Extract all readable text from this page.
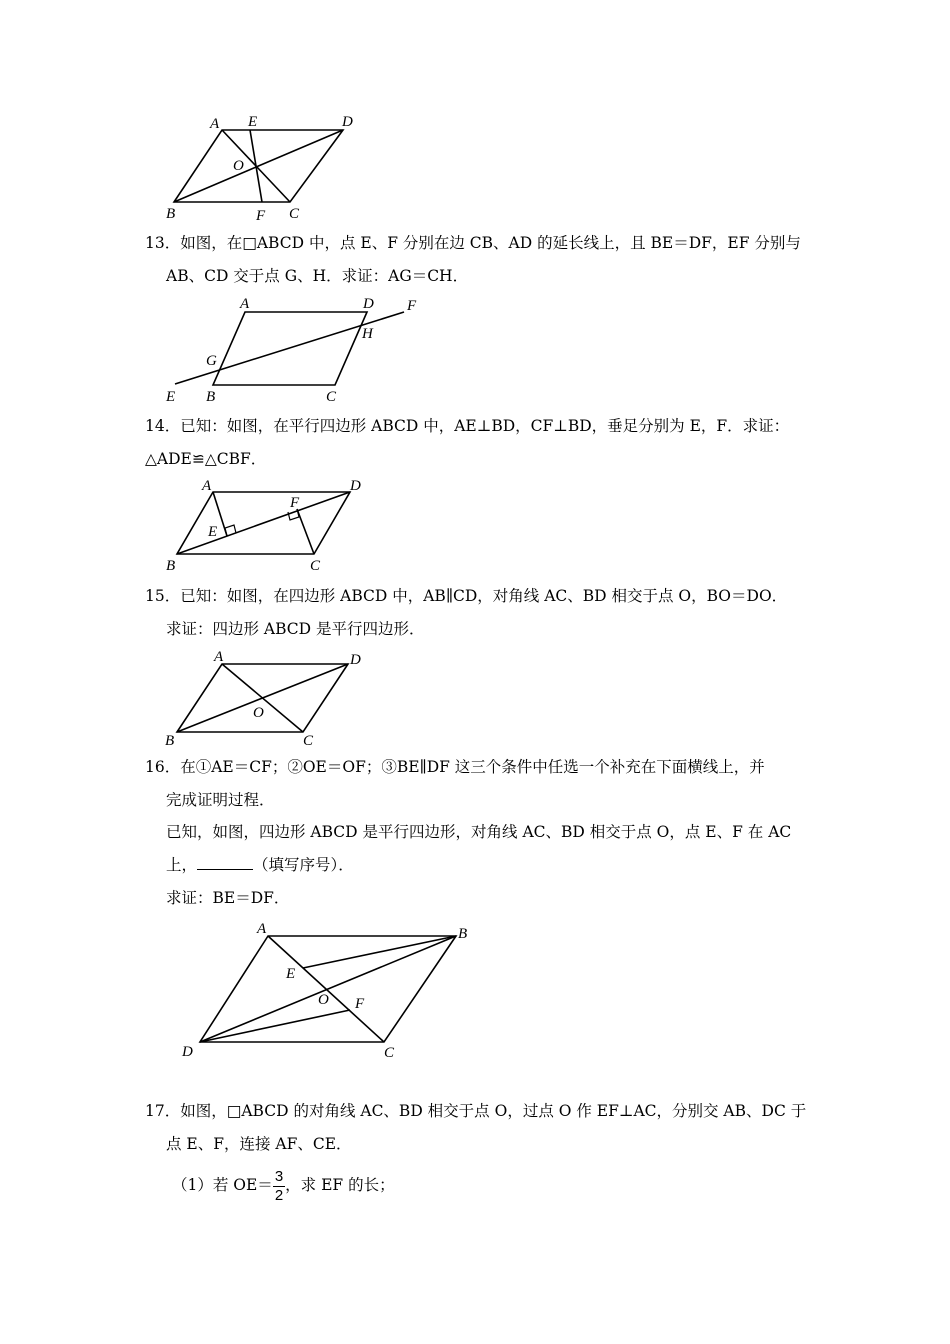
A E	D
O
B	F C
13．如图，在□ABCD 中，点 E、F 分别在边 CB、AD 的延长线上，且 BE＝DF，EF 分别与
AB、CD 交于点 G、H．求证：AG＝CH．
A	D F
H
G
E B	C
14．已知：如图，在平行四边形 ABCD 中，AE⊥BD，CF⊥BD，垂足分别为 E，F．求证：
△ADE≌△CBF．
A	D
F
E
B	C
15．已知：如图，在四边形 ABCD 中，AB∥CD，对角线 AC、BD 相交于点 O，BO＝DO．
求证：四边形 ABCD 是平行四边形．
A	D
O
B	C
16．在①AE＝CF；②OE＝OF；③BE∥DF 这三个条件中任选一个补充在下面横线上，并
完成证明过程．
已知，如图，四边形 ABCD 是平行四边形，对角线 AC、BD 相交于点 O，点 E、F 在 AC
上，	（填写序号）．
求证：BE＝DF．
A	B
E
O F
D	C
17．如图，□ABCD 的对角线 AC、BD 相交于点 O，过点 O 作 EF⊥AC，分别交 AB、DC 于
点 E、F，连接 AF、CE．
（1）若 $OE= \frac{3}{2}$ ，求 EF 的长；
